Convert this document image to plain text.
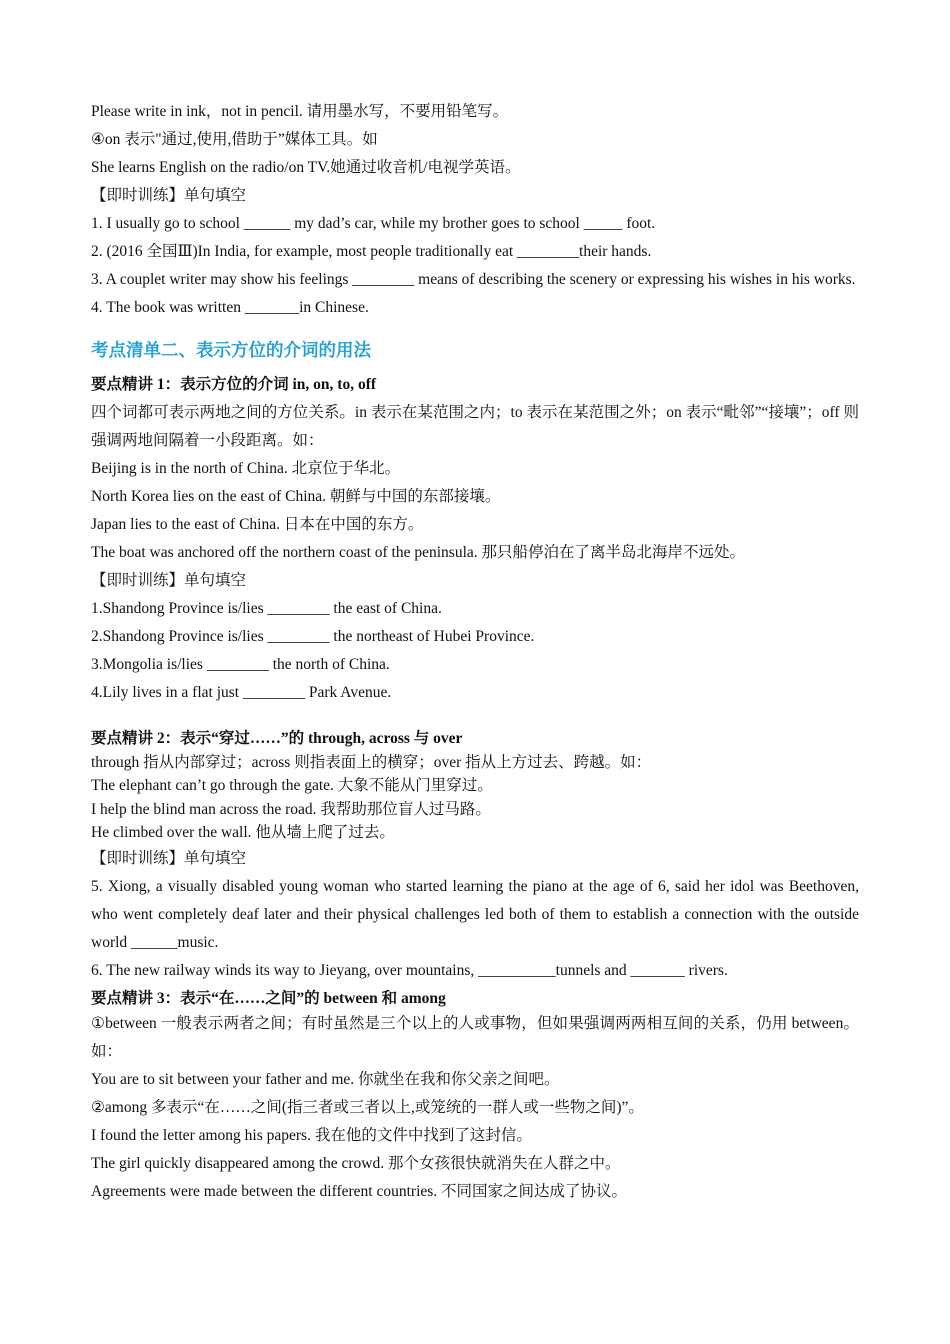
Please write in ink，not in pencil. 请用墨水写，不要用铅笔写。
④on 表示"通过,使用,借助于”媒体工具。如
She learns English on the radio/on TV.她通过收音机/电视学英语。
【即时训练】单句填空
1. I usually go to school ______ my dad’s car, while my brother goes to school _____ foot.
2. (2016 全国Ⅲ)In India, for example, most people traditionally eat ________their hands.
3. A couplet writer may show his feelings ________ means of describing the scenery or expressing his wishes in his works.
4. The book was written _______in Chinese.
考点清单二、表示方位的介词的用法
要点精讲 1：表示方位的介词 in, on, to, off
四个词都可表示两地之间的方位关系。in 表示在某范围之内；to 表示在某范围之外；on 表示“毗邻”“接壤”；off 则强调两地间隔着一小段距离。如：
Beijing is in the north of China. 北京位于华北。
North Korea lies on the east of China. 朝鲜与中国的东部接壤。
Japan lies to the east of China. 日本在中国的东方。
The boat was anchored off the northern coast of the peninsula. 那只船停泊在了离半岛北海岸不远处。
【即时训练】单句填空
1.Shandong Province is/lies ________ the east of China.
2.Shandong Province is/lies ________ the northeast of Hubei Province.
3.Mongolia is/lies ________ the north of China.
4.Lily lives in a flat just ________ Park Avenue.
要点精讲 2：表示“穿过……”的 through, across 与 over
through 指从内部穿过；across 则指表面上的横穿；over 指从上方过去、跨越。如：
The elephant can’t go through the gate. 大象不能从门里穿过。
I help the blind man across the road. 我帮助那位盲人过马路。
He climbed over the wall. 他从墙上爬了过去。
【即时训练】单句填空
5. Xiong, a visually disabled young woman who started learning the piano at the age of 6, said her idol was Beethoven, who went completely deaf later and their physical challenges led both of them to establish a connection with the outside world ______music.
6. The new railway winds its way to Jieyang, over mountains, __________tunnels and _______ rivers.
要点精讲 3：表示“在……之间”的 between 和 among
①between 一般表示两者之间；有时虽然是三个以上的人或事物，但如果强调两两相互间的关系，仍用 between。如：
You are to sit between your father and me. 你就坐在我和你父亲之间吧。
②among 多表示“在……之间(指三者或三者以上,或笼统的一群人或一些物之间)”。
I found the letter among his papers. 我在他的文件中找到了这封信。
The girl quickly disappeared among the crowd. 那个女孩很快就消失在人群之中。
Agreements were made between the different countries. 不同国家之间达成了协议。
